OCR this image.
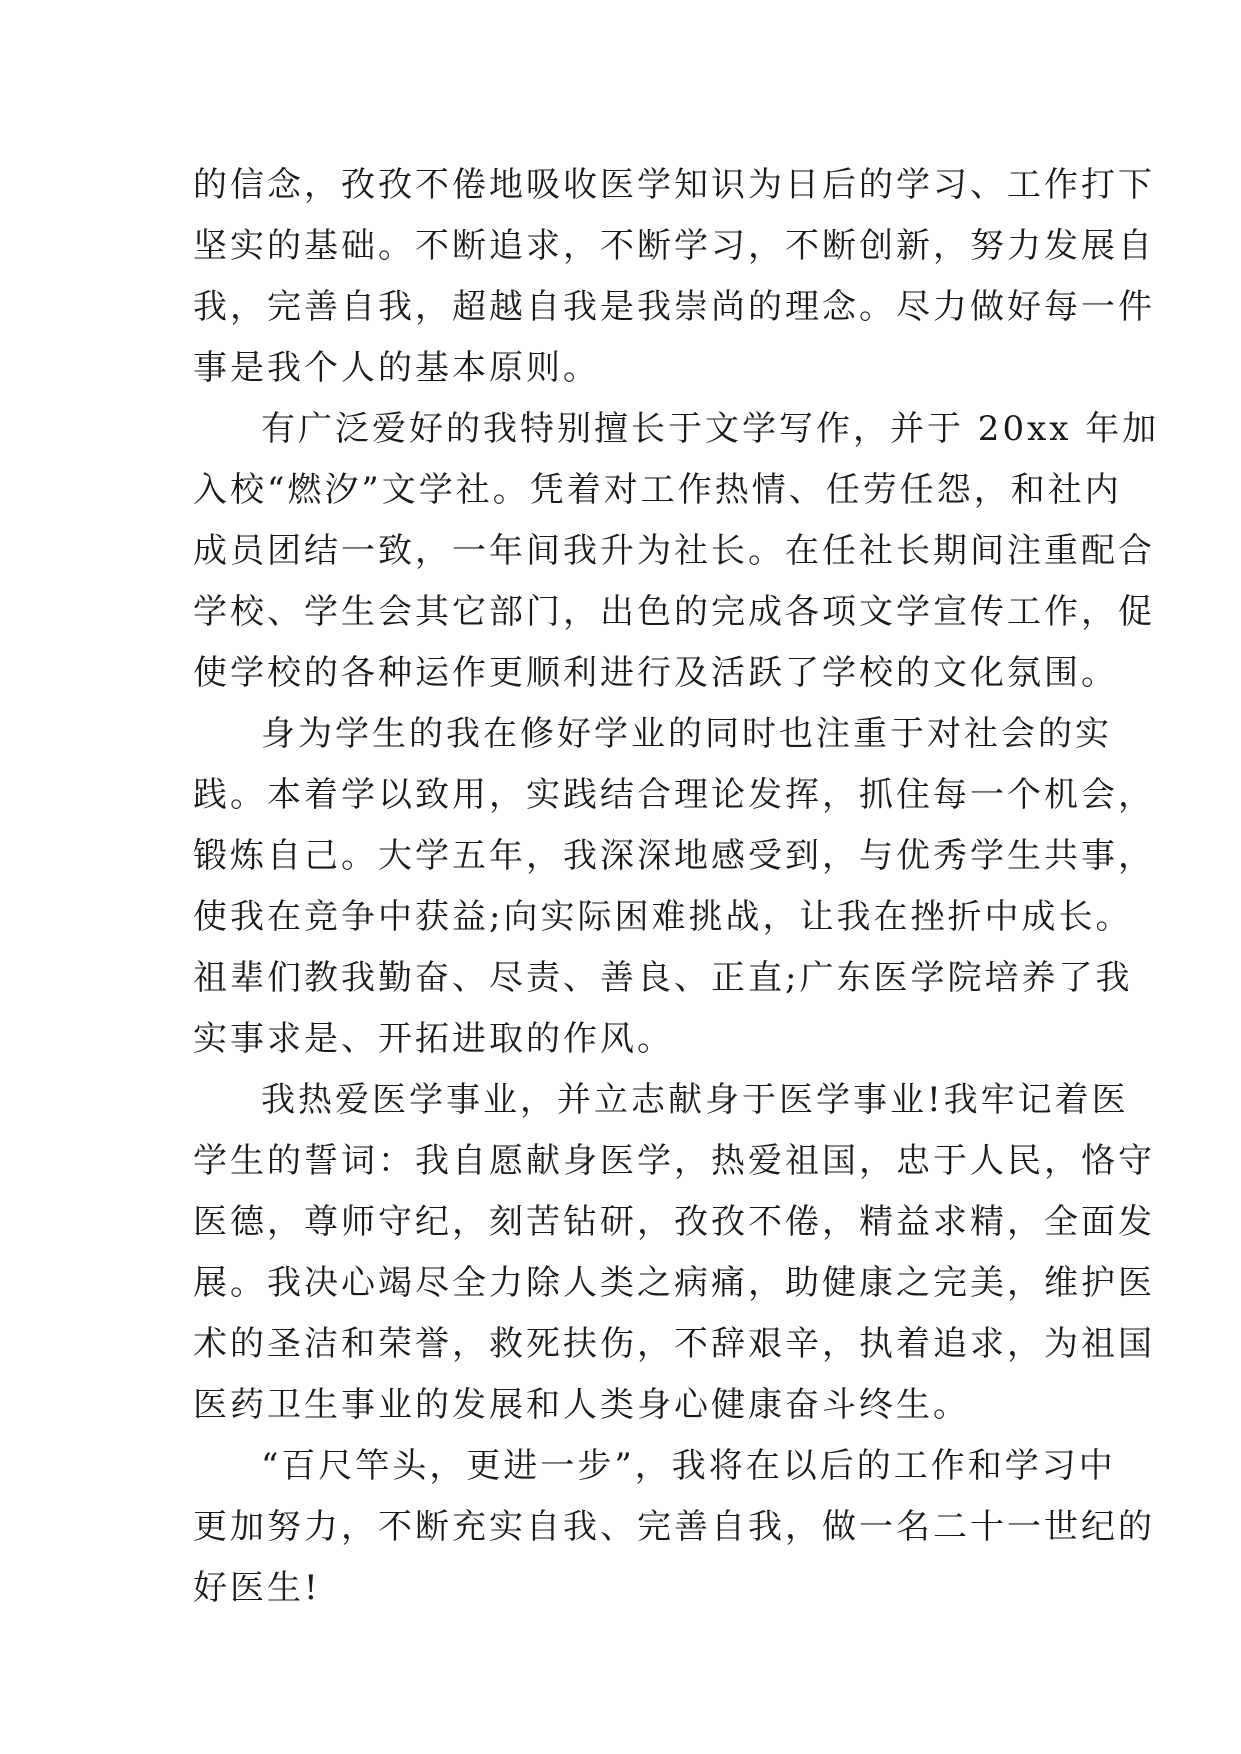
的信念，孜孜不倦地吸收医学知识为日后的学习、工作打下
坚实的基础。不断追求，不断学习，不断创新，努力发展自
我，完善自我，超越自我是我崇尚的理念。尽力做好每一件
事是我个人的基本原则。
有广泛爱好的我特别擅长于文学写作，并于 20xx 年加
入校“燃汐”文学社。凭着对工作热情、任劳任怨，和社内
成员团结一致，一年间我升为社长。在任社长期间注重配合
学校、学生会其它部门，出色的完成各项文学宣传工作，促
使学校的各种运作更顺利进行及活跃了学校的文化氛围。
身为学生的我在修好学业的同时也注重于对社会的实
践。本着学以致用，实践结合理论发挥，抓住每一个机会，
锻炼自己。大学五年，我深深地感受到，与优秀学生共事，
使我在竞争中获益;向实际困难挑战，让我在挫折中成长。
祖辈们教我勤奋、尽责、善良、正直;广东医学院培养了我
实事求是、开拓进取的作风。
我热爱医学事业，并立志献身于医学事业!我牢记着医
学生的誓词：我自愿献身医学，热爱祖国，忠于人民，恪守
医德，尊师守纪，刻苦钻研，孜孜不倦，精益求精，全面发
展。我决心竭尽全力除人类之病痛，助健康之完美，维护医
术的圣洁和荣誉，救死扶伤，不辞艰辛，执着追求，为祖国
医药卫生事业的发展和人类身心健康奋斗终生。
“百尺竿头，更进一步”，我将在以后的工作和学习中
更加努力，不断充实自我、完善自我，做一名二十一世纪的
好医生!
